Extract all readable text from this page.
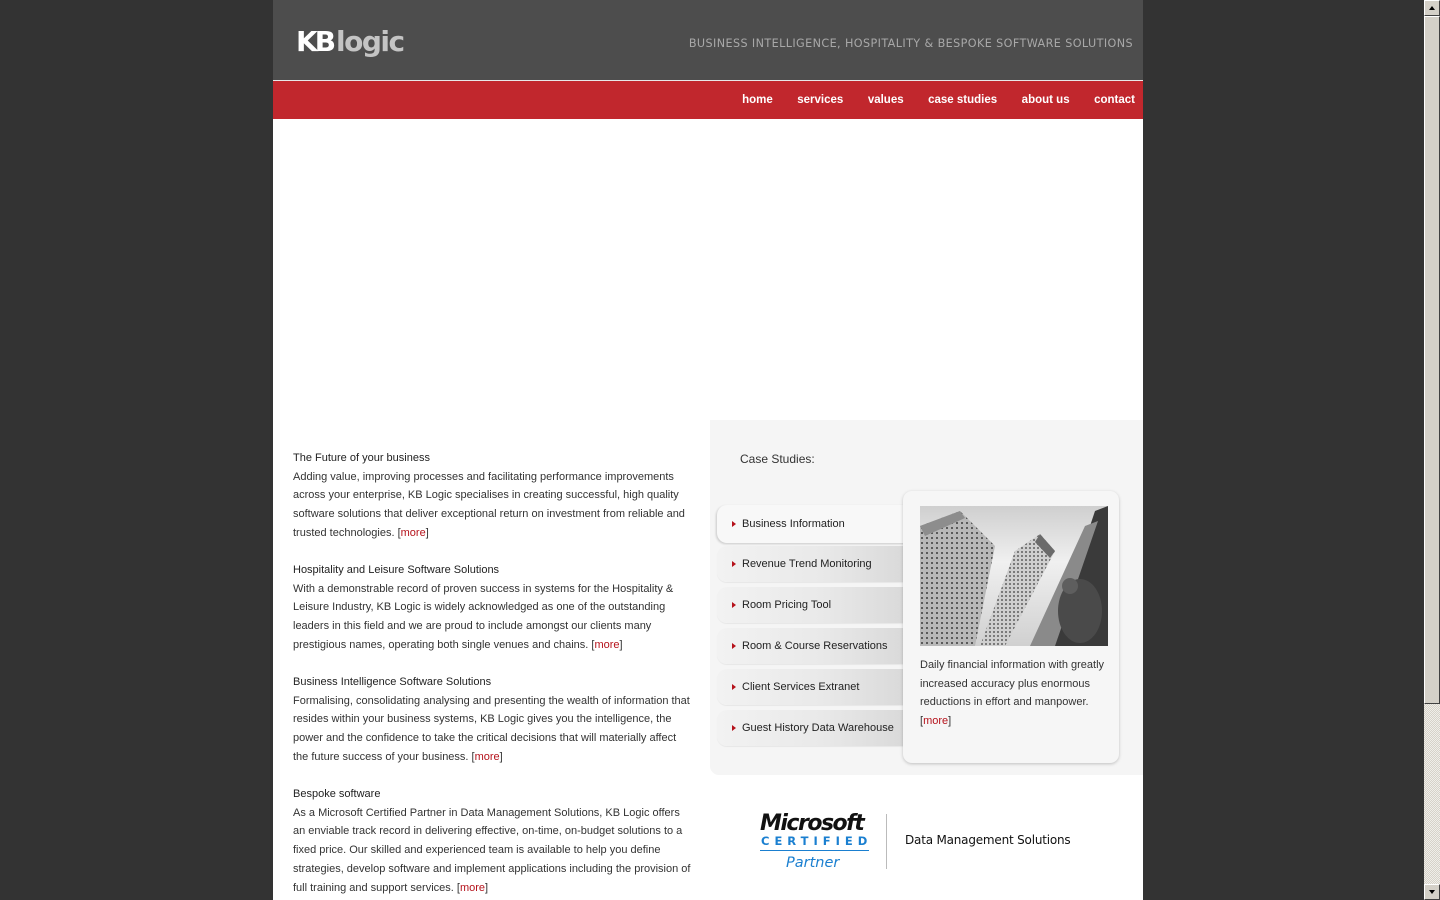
KB logic	BUSINESS INTELLIGENCE, HOSPITALITY & BESPOKE SOFTWARE SOLUTIONS
home services values case studies about us contact
The Future of your business

Adding value, improving processes and facilitating performance improvements across your enterprise, KB Logic specialises in creating successful, high quality software solutions that deliver exceptional return on investment from reliable and trusted technologies. [more]

Hospitality and Leisure Software Solutions

With a demonstrable record of proven success in systems for the Hospitality & Leisure Industry, KB Logic is widely acknowledged as one of the outstanding leaders in this field and we are proud to include amongst our clients many prestigious names, operating both single venues and chains. [more]

Business Intelligence Software Solutions

Formalising, consolidating analysing and presenting the wealth of information that resides within your business systems, KB Logic gives you the intelligence, the power and the confidence to take the critical decisions that will materially affect the future success of your business. [more]

Bespoke software

As a Microsoft Certified Partner in Data Management Solutions, KB Logic offers an enviable track record in delivering effective, on-time, on-budget solutions to a fixed price. Our skilled and experienced team is available to help you define strategies, develop software and implement applications including the provision of full training and support services. [more]

Case Studies:
Business Information
Revenue Trend Monitoring
Room Pricing Tool
Room & Course Reservations
Client Services Extranet
Guest History Data Warehouse
Daily financial information with greatly increased accuracy plus enormous reductions in effort and manpower. [more]
Microsoft
CERTIFIED
Partner
Data Management Solutions
